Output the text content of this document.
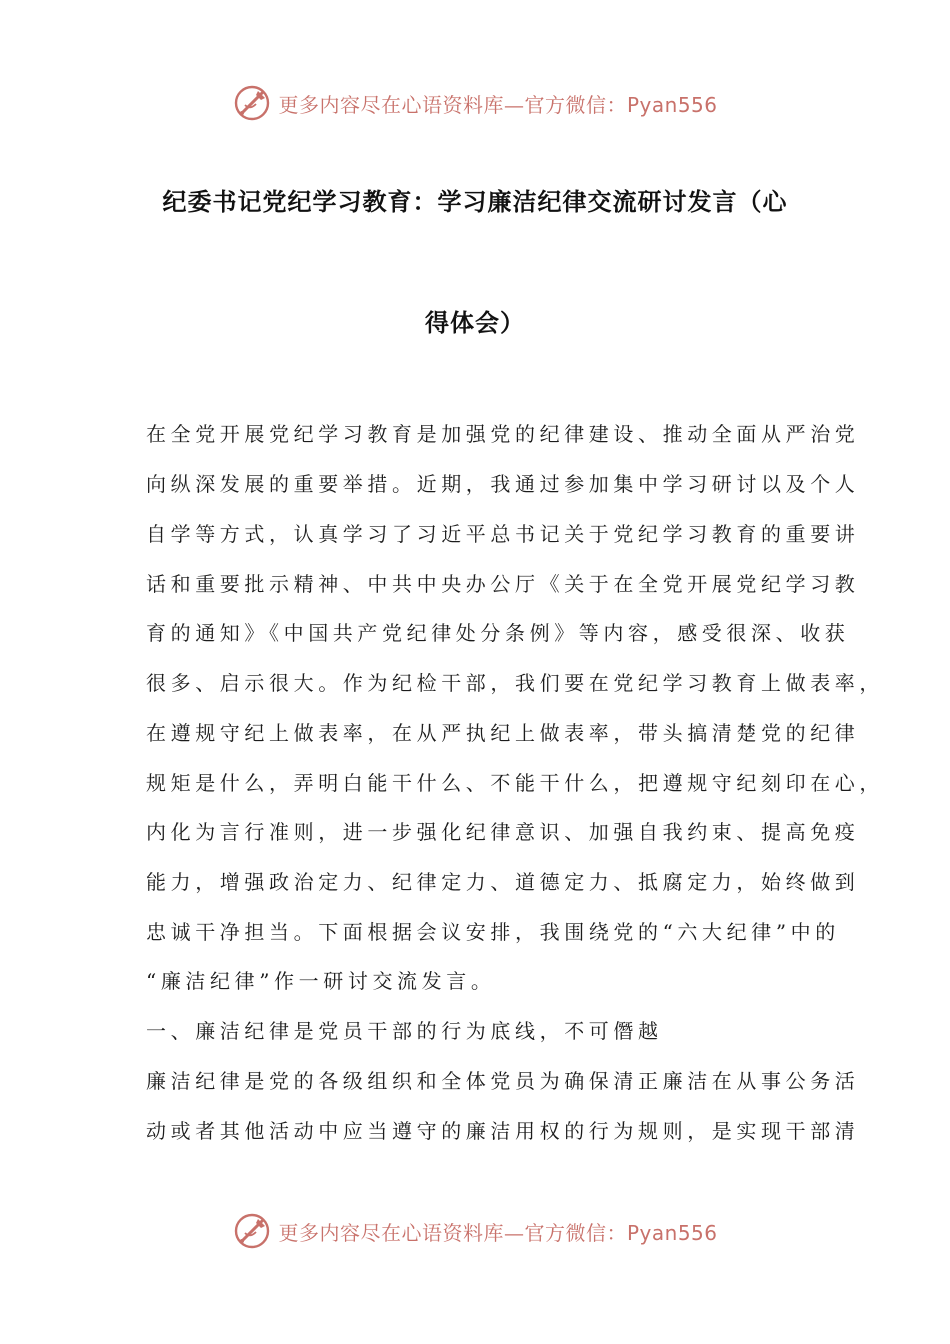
更多内容尽在心语资料库—官方微信：Pyan556
纪委书记党纪学习教育：学习廉洁纪律交流研讨发言（心
得体会）
在全党开展党纪学习教育是加强党的纪律建设、推动全面从严治党
向纵深发展的重要举措。近期，我通过参加集中学习研讨以及个人
自学等方式，认真学习了习近平总书记关于党纪学习教育的重要讲
话和重要批示精神、中共中央办公厅《关于在全党开展党纪学习教
育的通知》《中国共产党纪律处分条例》等内容，感受很深、收获
很多、启示很大。作为纪检干部，我们要在党纪学习教育上做表率，
在遵规守纪上做表率，在从严执纪上做表率，带头搞清楚党的纪律
规矩是什么，弄明白能干什么、不能干什么，把遵规守纪刻印在心，
内化为言行准则，进一步强化纪律意识、加强自我约束、提高免疫
能力，增强政治定力、纪律定力、道德定力、抵腐定力，始终做到
忠诚干净担当。下面根据会议安排，我围绕党的“六大纪律”中的
“廉洁纪律”作一研讨交流发言。
一、廉洁纪律是党员干部的行为底线，不可僭越
廉洁纪律是党的各级组织和全体党员为确保清正廉洁在从事公务活
动或者其他活动中应当遵守的廉洁用权的行为规则，是实现干部清
更多内容尽在心语资料库—官方微信：Pyan556
